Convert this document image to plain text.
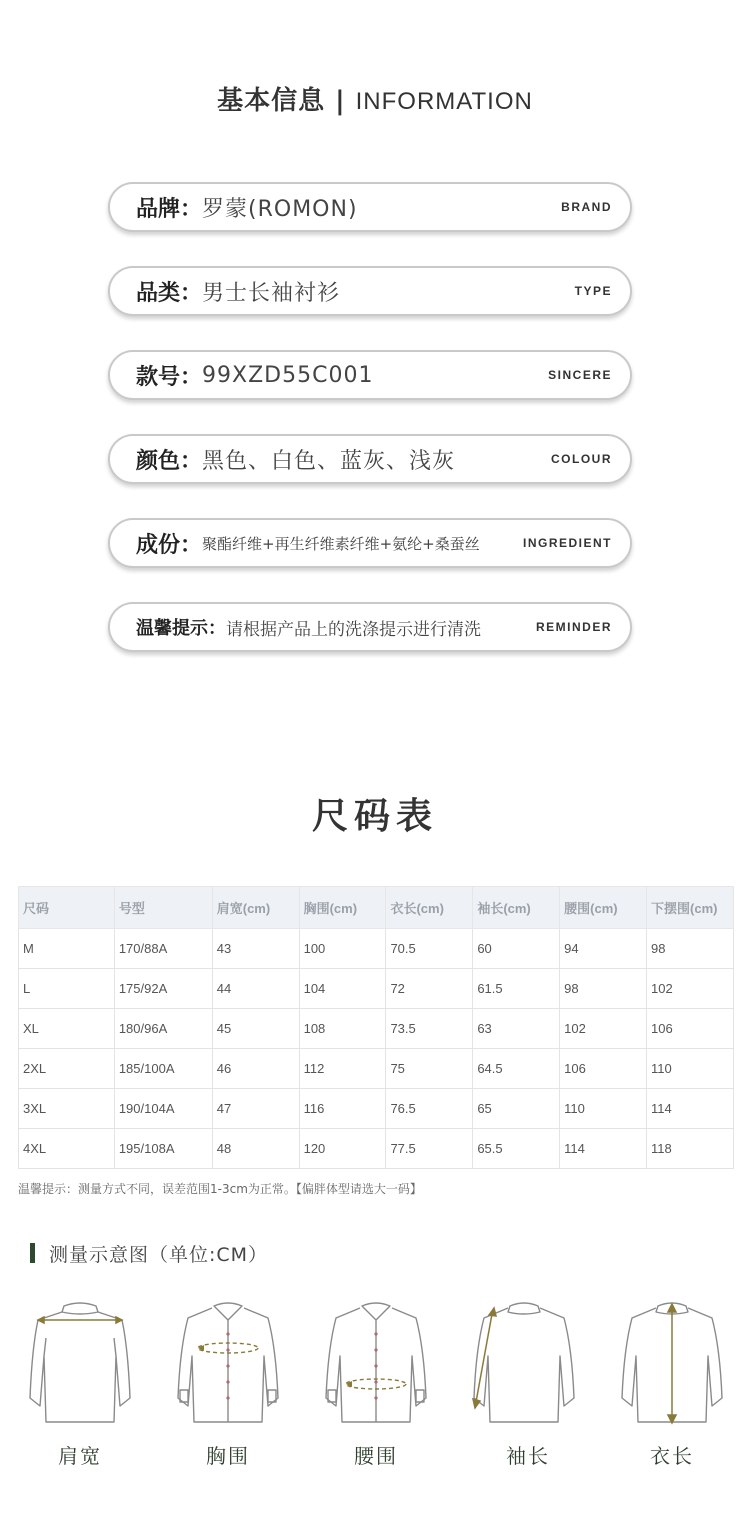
基本信息 | INFORMATION
品牌： 罗蒙(ROMON)	BRAND
品类： 男士长袖衬衫	TYPE
款号： 99XZD55C001	SINCERE
颜色： 黑色、白色、蓝灰、浅灰	COLOUR
成份： 聚酯纤维+再生纤维素纤维+氨纶+桑蚕丝	INGREDIENT
温馨提示： 请根据产品上的洗涤提示进行清洗	REMINDER
尺码表
尺码	号型	肩宽(cm)	胸围(cm)	衣长(cm)	袖长(cm)	腰围(cm)	下摆围(cm)
M	170/88A	43	100	70.5	60	94	98
L	175/92A	44	104	72	61.5	98	102
XL	180/96A	45	108	73.5	63	102	106
2XL	185/100A	46	112	75	64.5	106	110
3XL	190/104A	47	116	76.5	65	110	114
4XL	195/108A	48	120	77.5	65.5	114	118
温馨提示：测量方式不同，误差范围1-3cm为正常。【偏胖体型请选大一码】
测量示意图（单位:CM）
肩宽	胸围	腰围	袖长	衣长
